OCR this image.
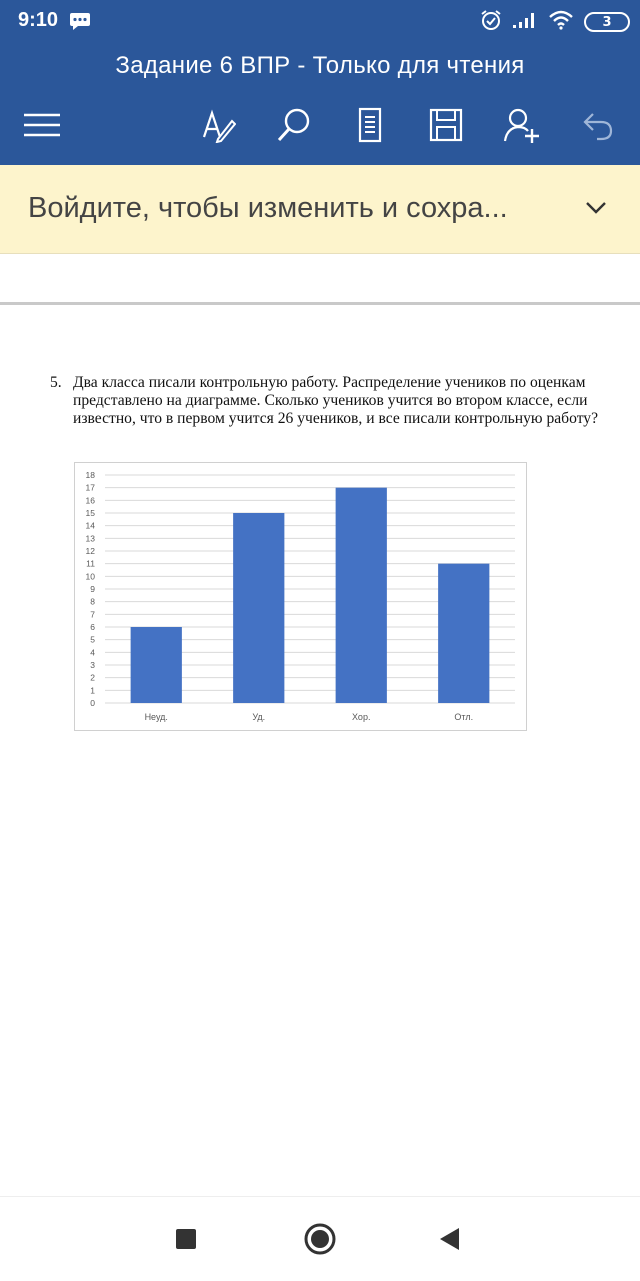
9:10	3
Задание 6 ВПР - Только для чтения
Войдите, чтобы изменить и сохра...
5. Два класса писали контрольную работу. Распределение учеников по оценкам представлено на диаграмме. Сколько учеников учится во втором классе, если известно, что в первом учится 26 учеников, и все писали контрольную работу?
0
1
2
3
4
5
6
7
8
9
10
11
12
13
14
15
16
17
18
Неуд.	Уд.	Хор.	Отл.
